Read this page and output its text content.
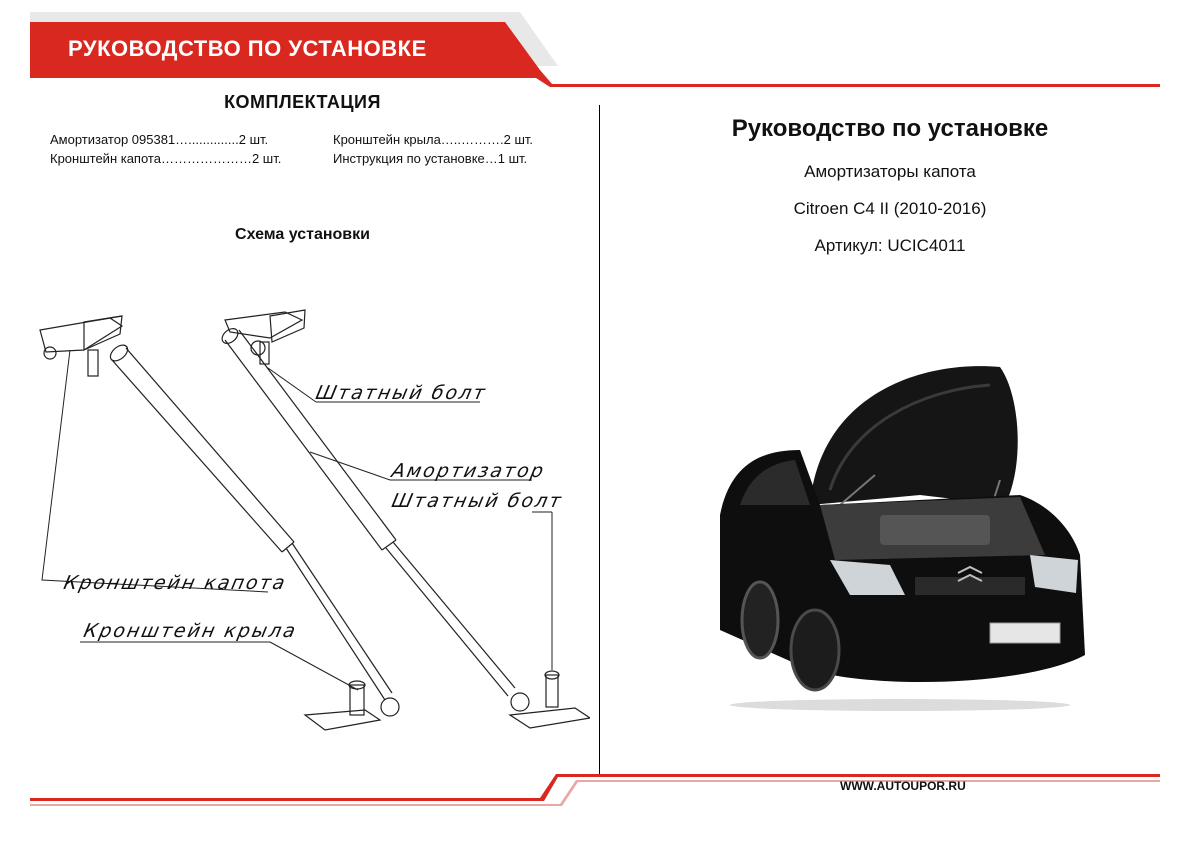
РУКОВОДСТВО ПО УСТАНОВКЕ
КОМПЛЕКТАЦИЯ
Амортизатор 095381…..............2 шт.
Кронштейн капота…………………2 шт.
Кронштейн крыла…..……….2 шт.
Инструкция по установке…1 шт.
Схема установки
Штатный болт
Амортизатор
Штатный болт
Кронштейн капота
Кронштейн крыла
Руководство по установке
Амортизаторы капота
Citroen C4 II (2010-2016)
Артикул: UCIC4011
WWW.AUTOUPOR.RU
